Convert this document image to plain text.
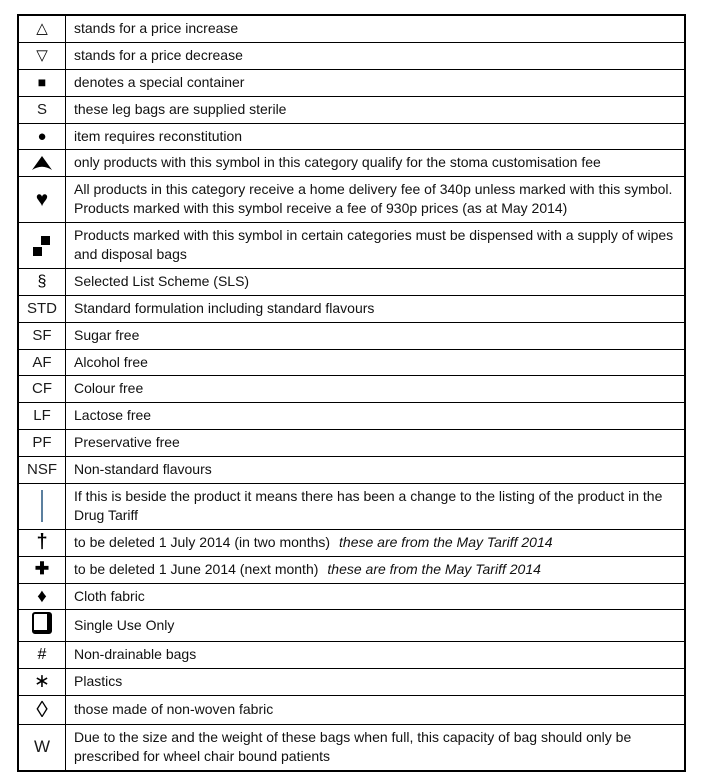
△	stands for a price increase
▽	stands for a price decrease
■	denotes a special container
S	these leg bags are supplied sterile
●	item requires reconstitution
	only products with this symbol in this category qualify for the stoma customisation fee
♥	All products in this category receive a home delivery fee of 340p unless marked with this symbol. Products marked with this symbol receive a fee of 930p prices (as at May 2014)
	Products marked with this symbol in certain categories must be dispensed with a supply of wipes and disposal bags
§	Selected List Scheme (SLS)
STD	Standard formulation including standard flavours
SF	Sugar free
AF	Alcohol free
CF	Colour free
LF	Lactose free
PF	Preservative free
NSF	Non-standard flavours
	If this is beside the product it means there has been a change to the listing of the product in the Drug Tariff
†	to be deleted 1 July 2014 (in two months) these are from the May Tariff 2014
✚	to be deleted 1 June 2014 (next month) these are from the May Tariff 2014
♦	Cloth fabric
	Single Use Only
#	Non-drainable bags
∗	Plastics
◊	those made of non-woven fabric
W	Due to the size and the weight of these bags when full, this capacity of bag should only be prescribed for wheel chair bound patients
